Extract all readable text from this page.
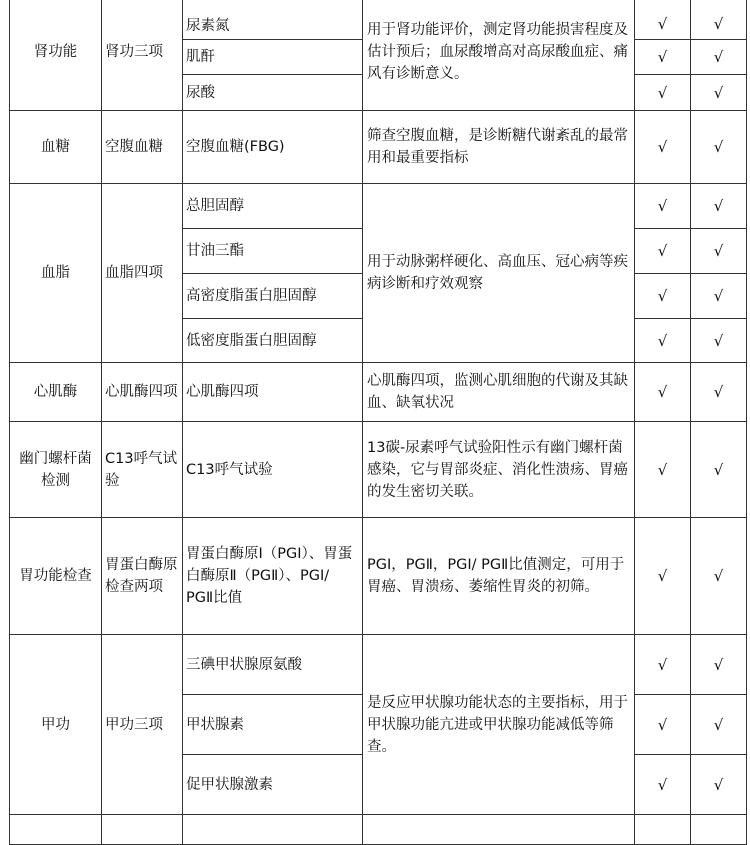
肾功能	肾功三项	尿素氮	用于肾功能评价，测定肾功能损害程度及估计预后；血尿酸增高对高尿酸血症、痛风有诊断意义。	√	√
		肌酐		√	√
		尿酸		√	√
血糖	空腹血糖	空腹血糖(FBG)	筛查空腹血糖，是诊断糖代谢紊乱的最常用和最重要指标	√	√
血脂	血脂四项	总胆固醇	用于动脉粥样硬化、高血压、冠心病等疾病诊断和疗效观察	√	√
		甘油三酯		√	√
		高密度脂蛋白胆固醇		√	√
		低密度脂蛋白胆固醇		√	√
心肌酶	心肌酶四项	心肌酶四项	心肌酶四项，监测心肌细胞的代谢及其缺血、缺氧状况	√	√
幽门螺杆菌检测	C13呼气试验	C13呼气试验	13碳-尿素呼气试验阳性示有幽门螺杆菌感染，它与胃部炎症、消化性溃疡、胃癌的发生密切关联。	√	√
胃功能检查	胃蛋白酶原检查两项	胃蛋白酶原Ⅰ（PGⅠ）、胃蛋白酶原Ⅱ（PGⅡ）、PGⅠ/ PGⅡ比值	PGⅠ，PGⅡ，PGⅠ/ PGⅡ比值测定，可用于胃癌、胃溃疡、萎缩性胃炎的初筛。	√	√
甲功	甲功三项	三碘甲状腺原氨酸	是反应甲状腺功能状态的主要指标，用于甲状腺功能亢进或甲状腺功能减低等筛查。	√	√
		甲状腺素		√	√
		促甲状腺激素		√	√
